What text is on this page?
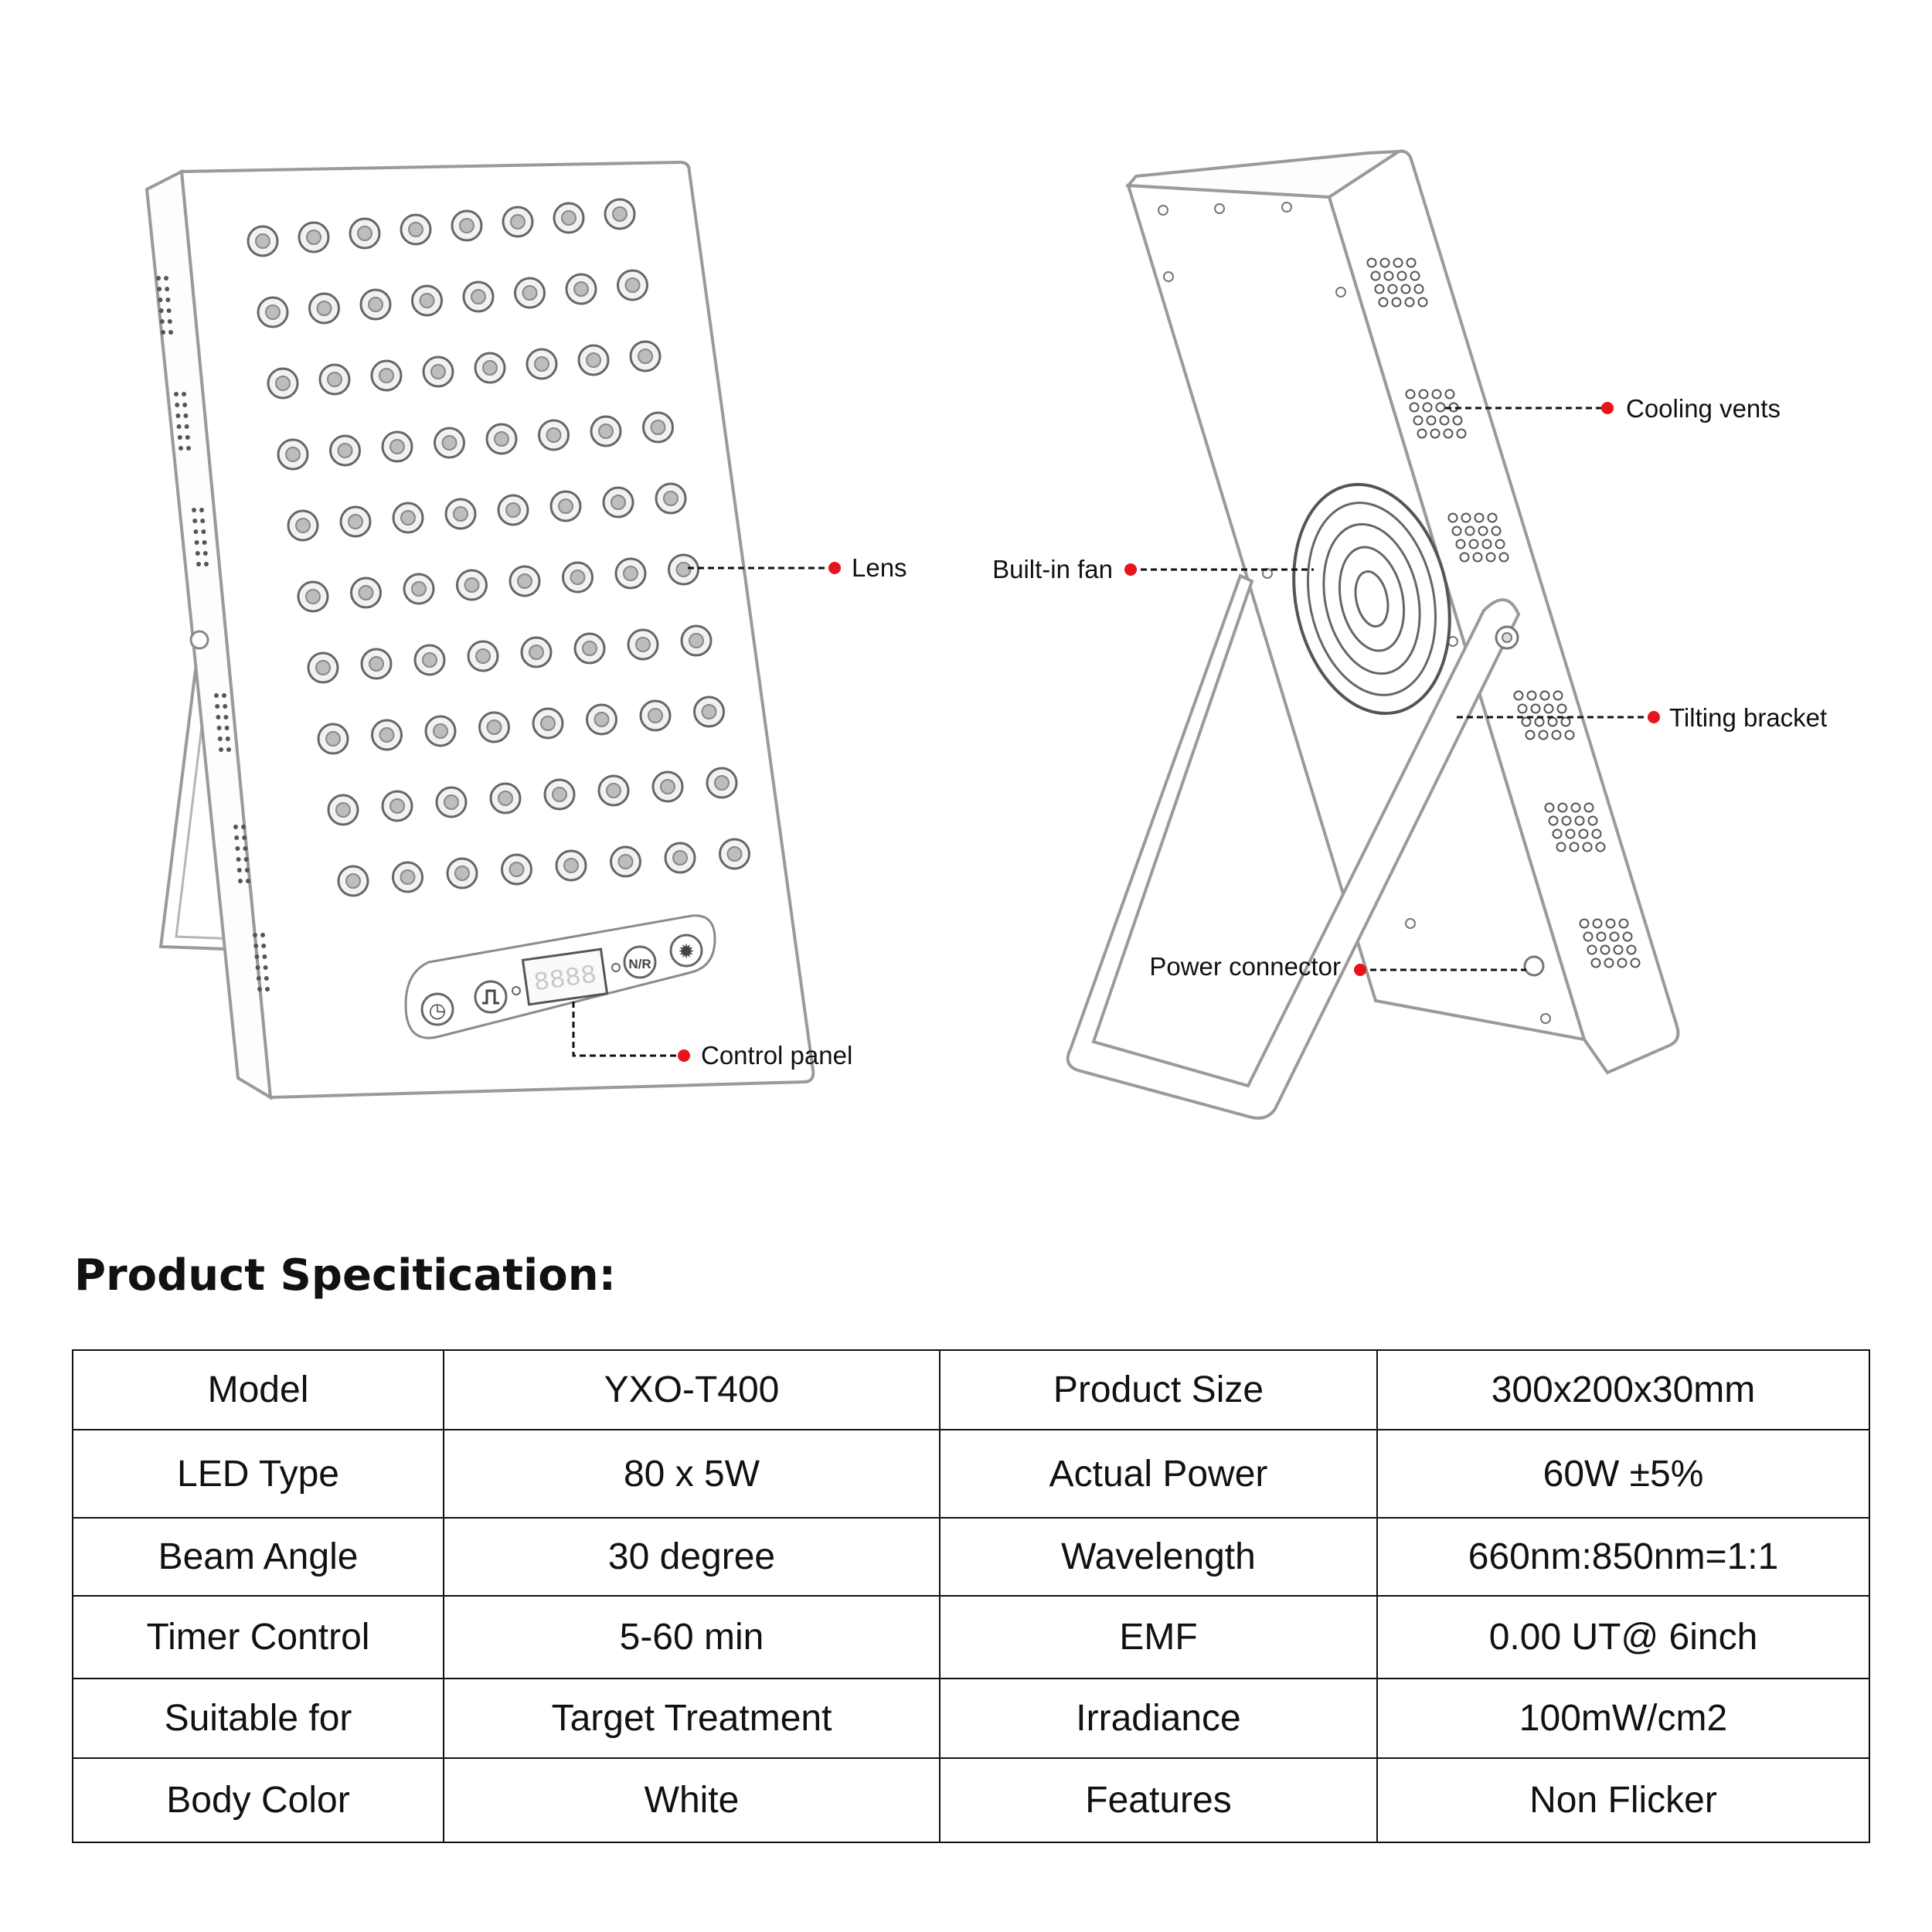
◷
8888 N/R
✹
Lens
Control panel
Cooling vents
Built-in fan
Tilting bracket
Power connector
Product Specitication:
Model	YXO-T400	Product Size	300x200x30mm
LED Type	80 x 5W	Actual Power	60W ±5%
Beam Angle	30 degree	Wavelength	660nm:850nm=1:1
Timer Control	5-60 min	EMF	0.00 UT@ 6inch
Suitable for	Target Treatment	Irradiance	100mW/cm2
Body Color	White	Features	Non Flicker
